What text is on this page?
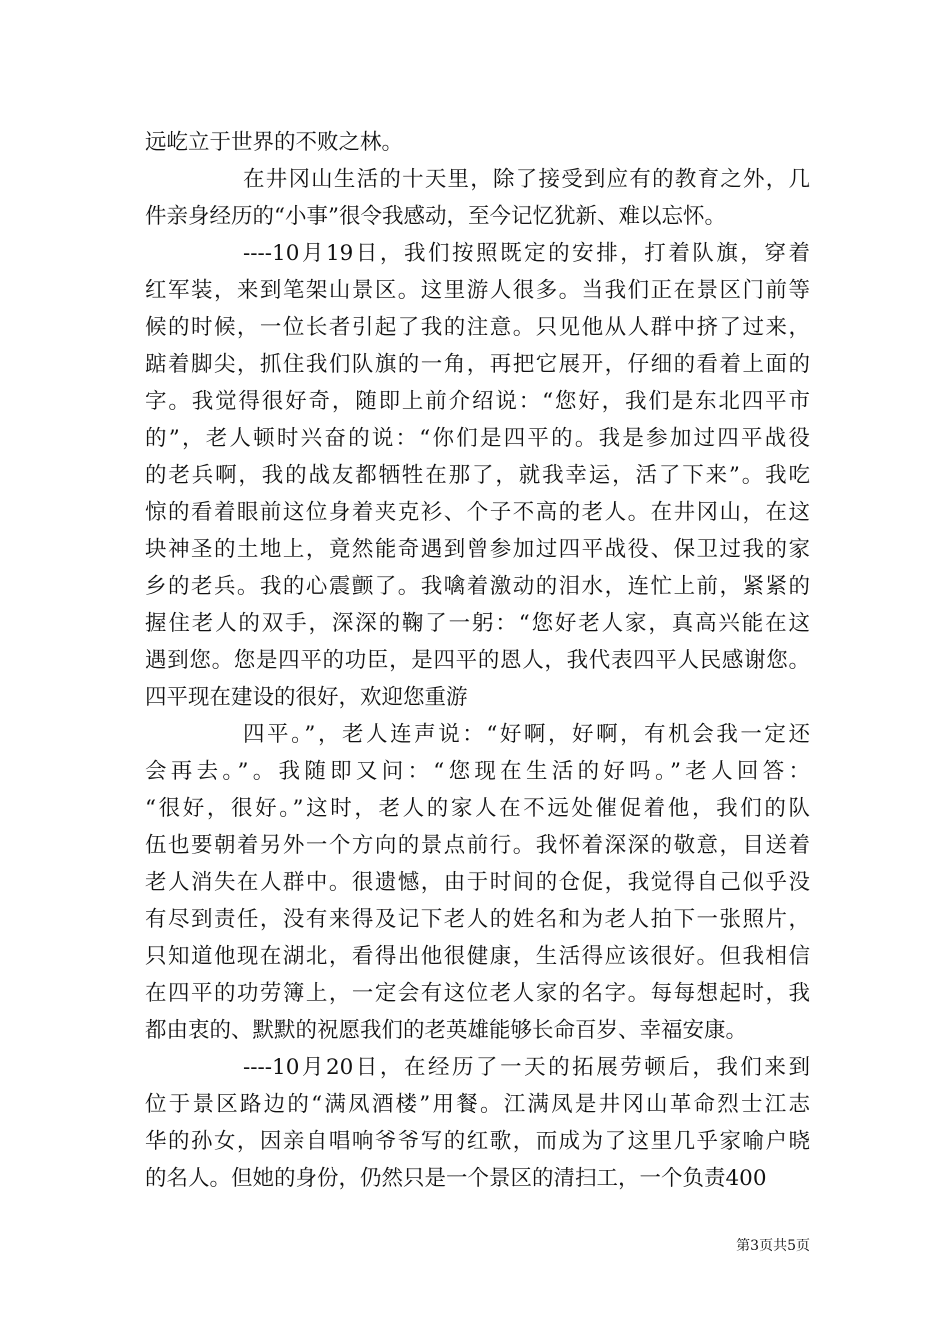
远屹立于世界的不败之林。
在井冈山生活的十天里，除了接受到应有的教育之外，几
件亲身经历的“小事”很令我感动，至今记忆犹新、难以忘怀。
----10月19日，我们按照既定的安排，打着队旗，穿着
红军装，来到笔架山景区。这里游人很多。当我们正在景区门前等
候的时候，一位长者引起了我的注意。只见他从人群中挤了过来，
踮着脚尖，抓住我们队旗的一角，再把它展开，仔细的看着上面的
字。我觉得很好奇，随即上前介绍说：“您好，我们是东北四平市
的”，老人顿时兴奋的说：“你们是四平的。我是参加过四平战役
的老兵啊，我的战友都牺牲在那了，就我幸运，活了下来”。我吃
惊的看着眼前这位身着夹克衫、个子不高的老人。在井冈山，在这
块神圣的土地上，竟然能奇遇到曾参加过四平战役、保卫过我的家
乡的老兵。我的心震颤了。我噙着激动的泪水，连忙上前，紧紧的
握住老人的双手，深深的鞠了一躬：“您好老人家，真高兴能在这
遇到您。您是四平的功臣，是四平的恩人，我代表四平人民感谢您。
四平现在建设的很好，欢迎您重游
四平。”，老人连声说：“好啊，好啊，有机会我一定还
会再去。”。我随即又问：“您现在生活的好吗。”老人回答：
“很好，很好。”这时，老人的家人在不远处催促着他，我们的队
伍也要朝着另外一个方向的景点前行。我怀着深深的敬意，目送着
老人消失在人群中。很遗憾，由于时间的仓促，我觉得自己似乎没
有尽到责任，没有来得及记下老人的姓名和为老人拍下一张照片，
只知道他现在湖北，看得出他很健康，生活得应该很好。但我相信
在四平的功劳簿上，一定会有这位老人家的名字。每每想起时，我
都由衷的、默默的祝愿我们的老英雄能够长命百岁、幸福安康。
----10月20日，在经历了一天的拓展劳顿后，我们来到
位于景区路边的“满凤酒楼”用餐。江满凤是井冈山革命烈士江志
华的孙女，因亲自唱响爷爷写的红歌，而成为了这里几乎家喻户晓
的名人。但她的身份，仍然只是一个景区的清扫工，一个负责400
第3页共5页
